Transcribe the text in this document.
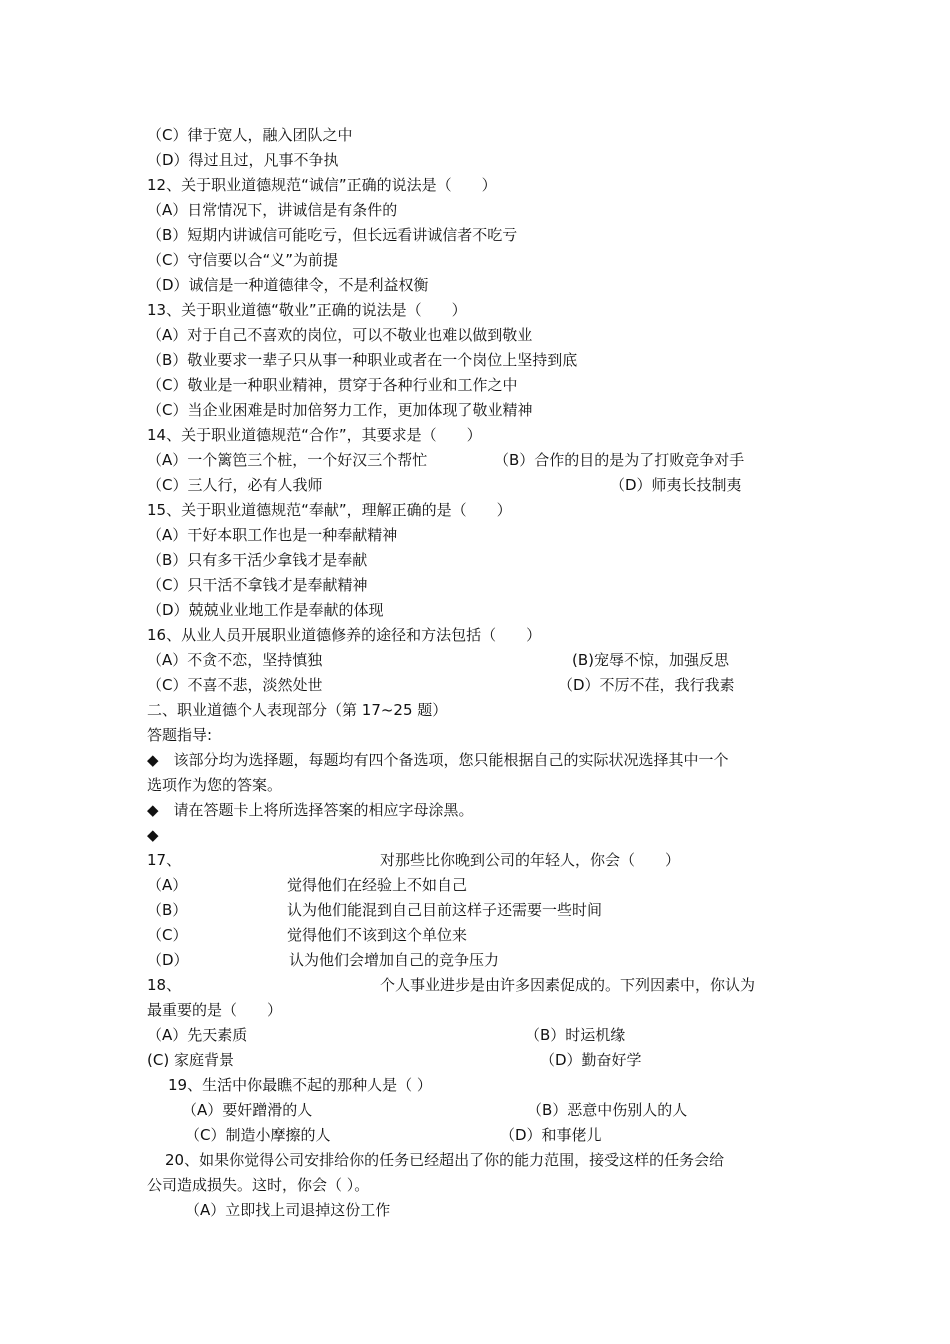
（C）律于宽人，融入团队之中
（D）得过且过，凡事不争执
12、关于职业道德规范“诚信”正确的说法是（　　）
（A）日常情况下，讲诚信是有条件的
（B）短期内讲诚信可能吃亏，但长远看讲诚信者不吃亏
（C）守信要以合“义”为前提
（D）诚信是一种道德律令，不是利益权衡
13、关于职业道德“敬业”正确的说法是（　　）
（A）对于自己不喜欢的岗位，可以不敬业也难以做到敬业
（B）敬业要求一辈子只从事一种职业或者在一个岗位上坚持到底
（C）敬业是一种职业精神，贯穿于各种行业和工作之中
（C）当企业困难是时加倍努力工作，更加体现了敬业精神
14、关于职业道德规范“合作”，其要求是（　　）
（A）一个篱笆三个桩，一个好汉三个帮忙	（B）合作的目的是为了打败竞争对手
（C）三人行，必有人我师	（D）师夷长技制夷
15、关于职业道德规范“奉献”，理解正确的是（　　）
（A）干好本职工作也是一种奉献精神
（B）只有多干活少拿钱才是奉献
（C）只干活不拿钱才是奉献精神
（D）兢兢业业地工作是奉献的体现
16、从业人员开展职业道德修养的途径和方法包括（　　）
（A）不贪不恋，坚持慎独	(B)宠辱不惊，加强反思
（C）不喜不悲，淡然处世	（D）不厉不荏，我行我素
二、职业道德个人表现部分（第 17~25 题）
答题指导:
◆　该部分均为选择题，每题均有四个备选项，您只能根据自己的实际状况选择其中一个
选项作为您的答案。
◆　请在答题卡上将所选择答案的相应字母涂黑。
◆
17、	对那些比你晚到公司的年轻人，你会（　　）
（A）	觉得他们在经验上不如自己
（B）	认为他们能混到自己目前这样子还需要一些时间
（C）	觉得他们不该到这个单位来
（D）	认为他们会增加自己的竞争压力
18、	个人事业进步是由许多因素促成的。下列因素中，你认为
最重要的是（　　）
（A）先天素质	（B）时运机缘
(C) 家庭背景	（D）勤奋好学
19、生活中你最瞧不起的那种人是（ ）
（A）要奸蹭滑的人	（B）恶意中伤别人的人
（C）制造小摩擦的人	（D）和事佬儿
20、如果你觉得公司安排给你的任务已经超出了你的能力范围，接受这样的任务会给
公司造成损失。这时，你会（ ）。
（A）立即找上司退掉这份工作
